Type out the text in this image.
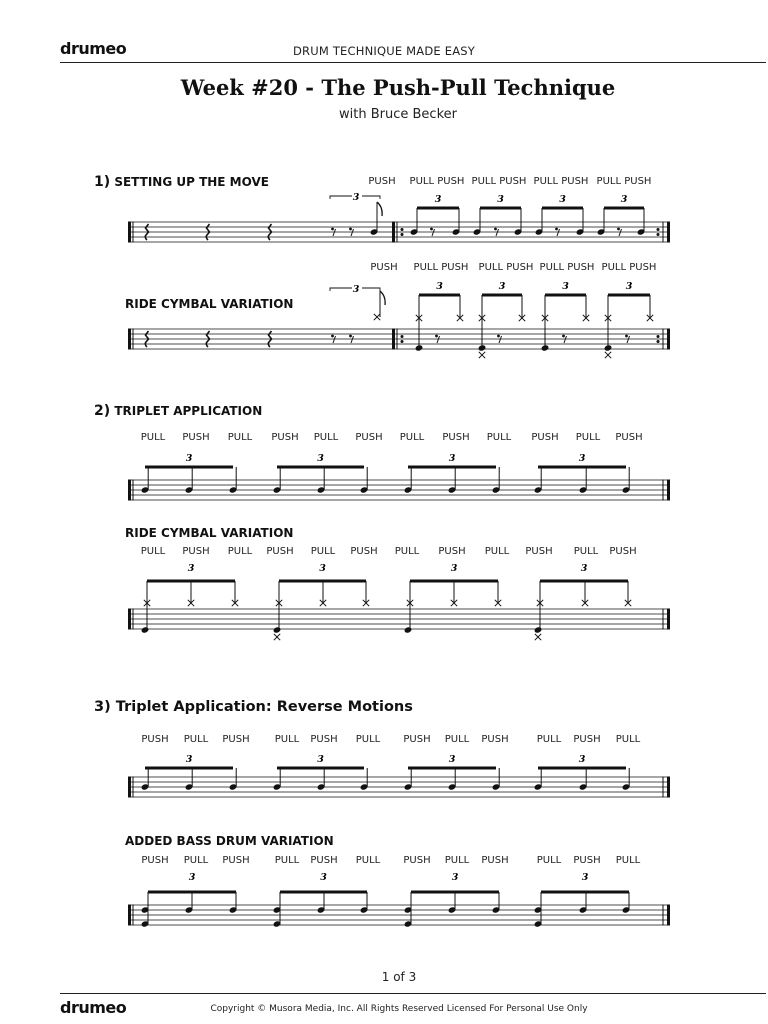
drumeo	DRUM TECHNIQUE MADE EASY
Week #20 - The Push-Pull Technique
with Bruce Becker
1) SETTING UP THE MOVE
RIDE CYMBAL VARIATION
2) TRIPLET APPLICATION
RIDE CYMBAL VARIATION
3) Triplet Application: Reverse Motions
ADDED BASS DRUM VARIATION
PUSH PULL PUSH PULL PUSH PULL PUSH PULL PUSH
PUSH PULL PUSH PULL PUSH PULL PUSH PULL PUSH
PULL PUSH PULL PUSH PULL PUSH PULL PUSH PULL PUSH PULL PUSH
PULL PUSH PULL PUSH PULL PUSH PULL PUSH PULL PUSH PULL PUSH
PUSH PULL PUSH	PULL PUSH PULL PUSH PULL PUSH	PULL PUSH PULL
PUSH PULL PUSH	PULL PUSH PULL PUSH PULL PUSH	PULL PUSH PULL
3	3	3	3	3
3	3	3	3	3
3	3	3	3
3	3	3	3
3	3	3	3
3	3	3	3
1 of 3
drumeo	Copyright © Musora Media, Inc. All Rights Reserved Licensed For Personal Use Only
